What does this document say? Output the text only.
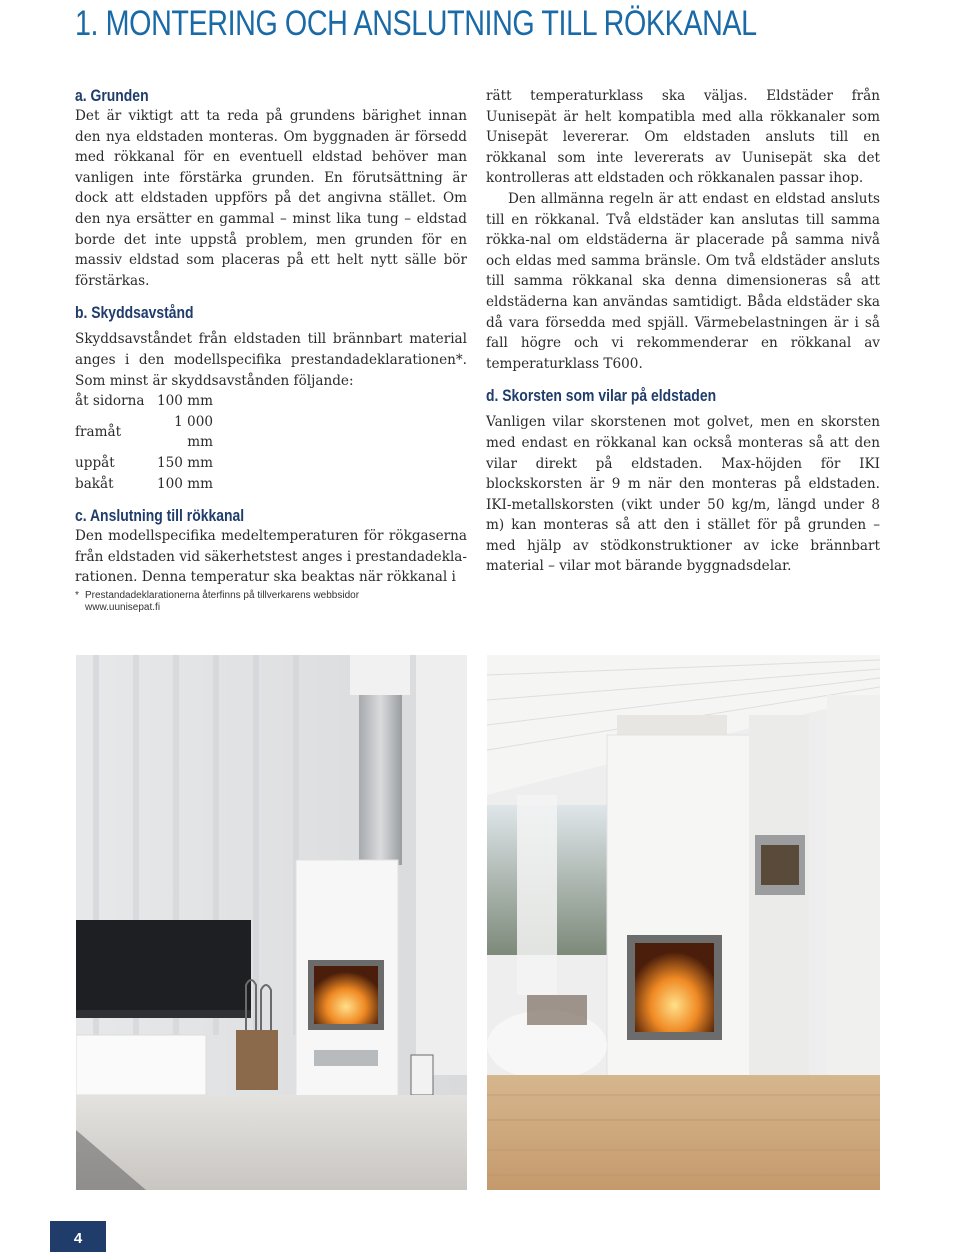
1. MONTERING OCH ANSLUTNING TILL RÖKKANAL
a. Grunden

Det är viktigt att ta reda på grundens bärighet innan den nya eldstaden monteras. Om byggnaden är försedd med rökkanal för en eventuell eldstad behöver man vanligen inte förstärka grunden. En förutsättning är dock att eldstaden uppförs på det angivna stället. Om den nya ersätter en gammal – minst lika tung – eldstad borde det inte uppstå problem, men grunden för en massiv eldstad som placeras på ett helt nytt sälle bör förstärkas.

b. Skyddsavstånd

Skyddsavståndet från eldstaden till brännbart material anges i den modellspecifika prestandadeklarationen*. Som minst är skyddsavstånden följande:

åt sidorna	100 mm
framåt	1 000 mm
uppåt	150 mm
bakåt	100 mm
c. Anslutning till rökkanal

Den modellspecifika medeltemperaturen för rökgaserna från eldstaden vid säkerhetstest anges i prestandadekla-rationen. Denna temperatur ska beaktas när rökkanal i

rätt temperaturklass ska väljas. Eldstäder från Uunisepät är helt kompatibla med alla rökkanaler som Unisepät levererar. Om eldstaden ansluts till en rökkanal som inte levererats av Uunisepät ska det kontrolleras att eldstaden och rökkanalen passar ihop.

Den allmänna regeln är att endast en eldstad ansluts till en rökkanal. Två eldstäder kan anslutas till samma rökka-nal om eldstäderna är placerade på samma nivå och eldas med samma bränsle. Om två eldstäder ansluts till samma rökkanal ska denna dimensioneras så att eldstäderna kan användas samtidigt. Båda eldstäder ska då vara försedda med spjäll. Värmebelastningen är i så fall högre och vi rekommenderar en rökkanal av temperaturklass T600.

d. Skorsten som vilar på eldstaden

Vanligen vilar skorstenen mot golvet, men en skorsten med endast en rökkanal kan också monteras så att den vilar direkt på eldstaden. Max-höjden för IKI blockskorsten är 9 m när den monteras på eldstaden. IKI-metallskorsten (vikt under 50 kg/m, längd under 8 m) kan monteras så att den i stället för på grunden – med hjälp av stödkonstruktioner av icke brännbart material – vilar mot bärande byggnadsdelar.

* Prestandadeklarationerna återfinns på tillverkarens webbsidor
www.uunisepat.fi
4
